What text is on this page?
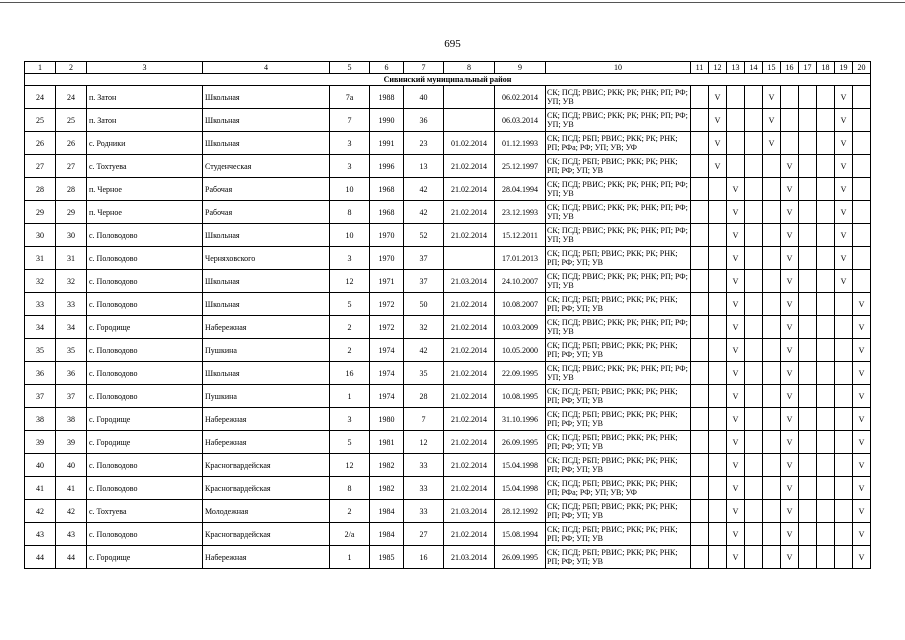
695
1	2	3	4	5	6	7	8	9	10	11	12	13	14	15	16	17	18	19	20
Сивинский муниципальный район																			
24	24	п. Затон	Школьная	7а	1988	40		06.02.2014	СК; ПСД; РВИС; РКК; РК; РНК; РП; РФ; УП; УВ		V			V				V	
25	25	п. Затон	Школьная	7	1990	36		06.03.2014	СК; ПСД; РВИС; РКК; РК; РНК; РП; РФ; УП; УВ		V			V				V	
26	26	с. Родники	Школьная	3	1991	23	01.02.2014	01.12.1993	СК; ПСД; РБП; РВИС; РКК; РК; РНК; РП; РФа; РФ; УП; УВ; УФ		V			V				V	
27	27	с. Тохтуева	Студенческая	3	1996	13	21.02.2014	25.12.1997	СК; ПСД; РБП; РВИС; РКК; РК; РНК; РП; РФ; УП; УВ		V				V			V	
28	28	п. Черное	Рабочая	10	1968	42	21.02.2014	28.04.1994	СК; ПСД; РВИС; РКК; РК; РНК; РП; РФ; УП; УВ			V			V			V	
29	29	п. Черное	Рабочая	8	1968	42	21.02.2014	23.12.1993	СК; ПСД; РВИС; РКК; РК; РНК; РП; РФ; УП; УВ			V			V			V	
30	30	с. Половодово	Школьная	10	1970	52	21.02.2014	15.12.2011	СК; ПСД; РВИС; РКК; РК; РНК; РП; РФ; УП; УВ			V			V			V	
31	31	с. Половодово	Черняховского	3	1970	37		17.01.2013	СК; ПСД; РБП; РВИС; РКК; РК; РНК; РП; РФ; УП; УВ			V			V			V	
32	32	с. Половодово	Школьная	12	1971	37	21.03.2014	24.10.2007	СК; ПСД; РВИС; РКК; РК; РНК; РП; РФ; УП; УВ			V			V			V	
33	33	с. Половодово	Школьная	5	1972	50	21.02.2014	10.08.2007	СК; ПСД; РБП; РВИС; РКК; РК; РНК; РП; РФ; УП; УВ			V			V				V
34	34	с. Городище	Набережная	2	1972	32	21.02.2014	10.03.2009	СК; ПСД; РВИС; РКК; РК; РНК; РП; РФ; УП; УВ			V			V				V
35	35	с. Половодово	Пушкина	2	1974	42	21.02.2014	10.05.2000	СК; ПСД; РБП; РВИС; РКК; РК; РНК; РП; РФ; УП; УВ			V			V				V
36	36	с. Половодово	Школьная	16	1974	35	21.02.2014	22.09.1995	СК; ПСД; РВИС; РКК; РК; РНК; РП; РФ; УП; УВ			V			V				V
37	37	с. Половодово	Пушкина	1	1974	28	21.02.2014	10.08.1995	СК; ПСД; РБП; РВИС; РКК; РК; РНК; РП; РФ; УП; УВ			V			V				V
38	38	с. Городище	Набережная	3	1980	7	21.02.2014	31.10.1996	СК; ПСД; РБП; РВИС; РКК; РК; РНК; РП; РФ; УП; УВ			V			V				V
39	39	с. Городище	Набережная	5	1981	12	21.02.2014	26.09.1995	СК; ПСД; РБП; РВИС; РКК; РК; РНК; РП; РФ; УП; УВ			V			V				V
40	40	с. Половодово	Красногвардейская	12	1982	33	21.02.2014	15.04.1998	СК; ПСД; РБП; РВИС; РКК; РК; РНК; РП; РФ; УП; УВ			V			V				V
41	41	с. Половодово	Красногвардейская	8	1982	33	21.02.2014	15.04.1998	СК; ПСД; РБП; РВИС; РКК; РК; РНК; РП; РФа; РФ; УП; УВ; УФ			V			V				V
42	42	с. Тохтуева	Молодежная	2	1984	33	21.03.2014	28.12.1992	СК; ПСД; РБП; РВИС; РКК; РК; РНК; РП; РФ; УП; УВ			V			V				V
43	43	с. Половодово	Красногвардейская	2/а	1984	27	21.02.2014	15.08.1994	СК; ПСД; РБП; РВИС; РКК; РК; РНК; РП; РФ; УП; УВ			V			V				V
44	44	с. Городище	Набережная	1	1985	16	21.03.2014	26.09.1995	СК; ПСД; РБП; РВИС; РКК; РК; РНК; РП; РФ; УП; УВ			V			V				V
